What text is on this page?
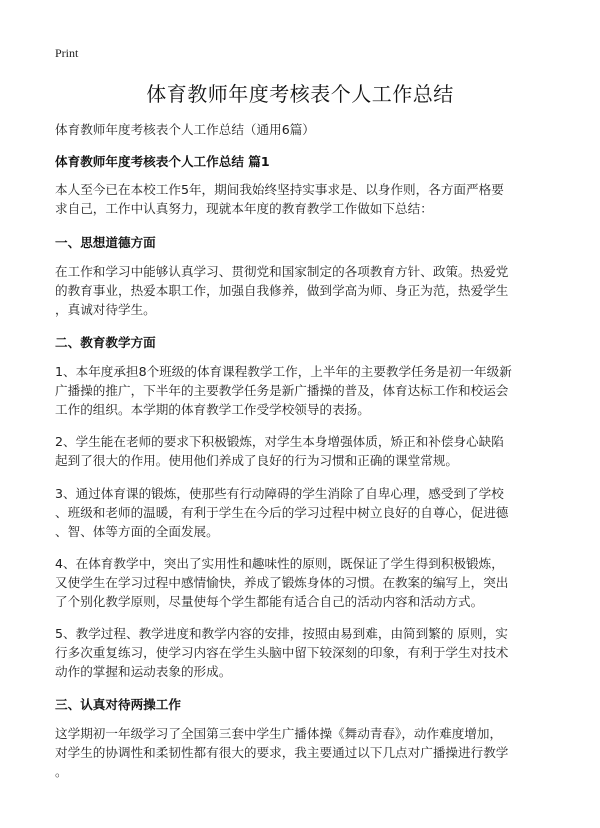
Print
体育教师年度考核表个人工作总结
体育教师年度考核表个人工作总结（通用6篇）
体育教师年度考核表个人工作总结 篇1
本人至今已在本校工作5年，期间我始终坚持实事求是、以身作则，各方面严格要
求自己，工作中认真努力，现就本年度的教育教学工作做如下总结：
一、思想道德方面
在工作和学习中能够认真学习、贯彻党和国家制定的各项教育方针、政策。热爱党
的教育事业，热爱本职工作，加强自我修养，做到学高为师、身正为范，热爱学生
，真诚对待学生。
二、教育教学方面
1、本年度承担8个班级的体育课程教学工作，上半年的主要教学任务是初一年级新
广播操的推广，下半年的主要教学任务是新广播操的普及，体育达标工作和校运会
工作的组织。本学期的体育教学工作受学校领导的表扬。
2、学生能在老师的要求下积极锻炼，对学生本身增强体质，矫正和补偿身心缺陷
起到了很大的作用。使用他们养成了良好的行为习惯和正确的课堂常规。
3、通过体育课的锻炼，使那些有行动障碍的学生消除了自卑心理，感受到了学校
、班级和老师的温暖，有利于学生在今后的学习过程中树立良好的自尊心，促进德
、智、体等方面的全面发展。
4、在体育教学中，突出了实用性和趣味性的原则，既保证了学生得到积极锻炼，
又使学生在学习过程中感情愉快，养成了锻炼身体的习惯。在教案的编写上，突出
了个别化教学原则，尽量使每个学生都能有适合自己的活动内容和活动方式。
5、教学过程、教学进度和教学内容的安排，按照由易到难，由简到繁的 原则，实
行多次重复练习，使学习内容在学生头脑中留下较深刻的印象，有利于学生对技术
动作的掌握和运动表象的形成。
三、认真对待两操工作
这学期初一年级学习了全国第三套中学生广播体操《舞动青春》，动作难度增加，
对学生的协调性和柔韧性都有很大的要求，我主要通过以下几点对广播操进行教学
。
